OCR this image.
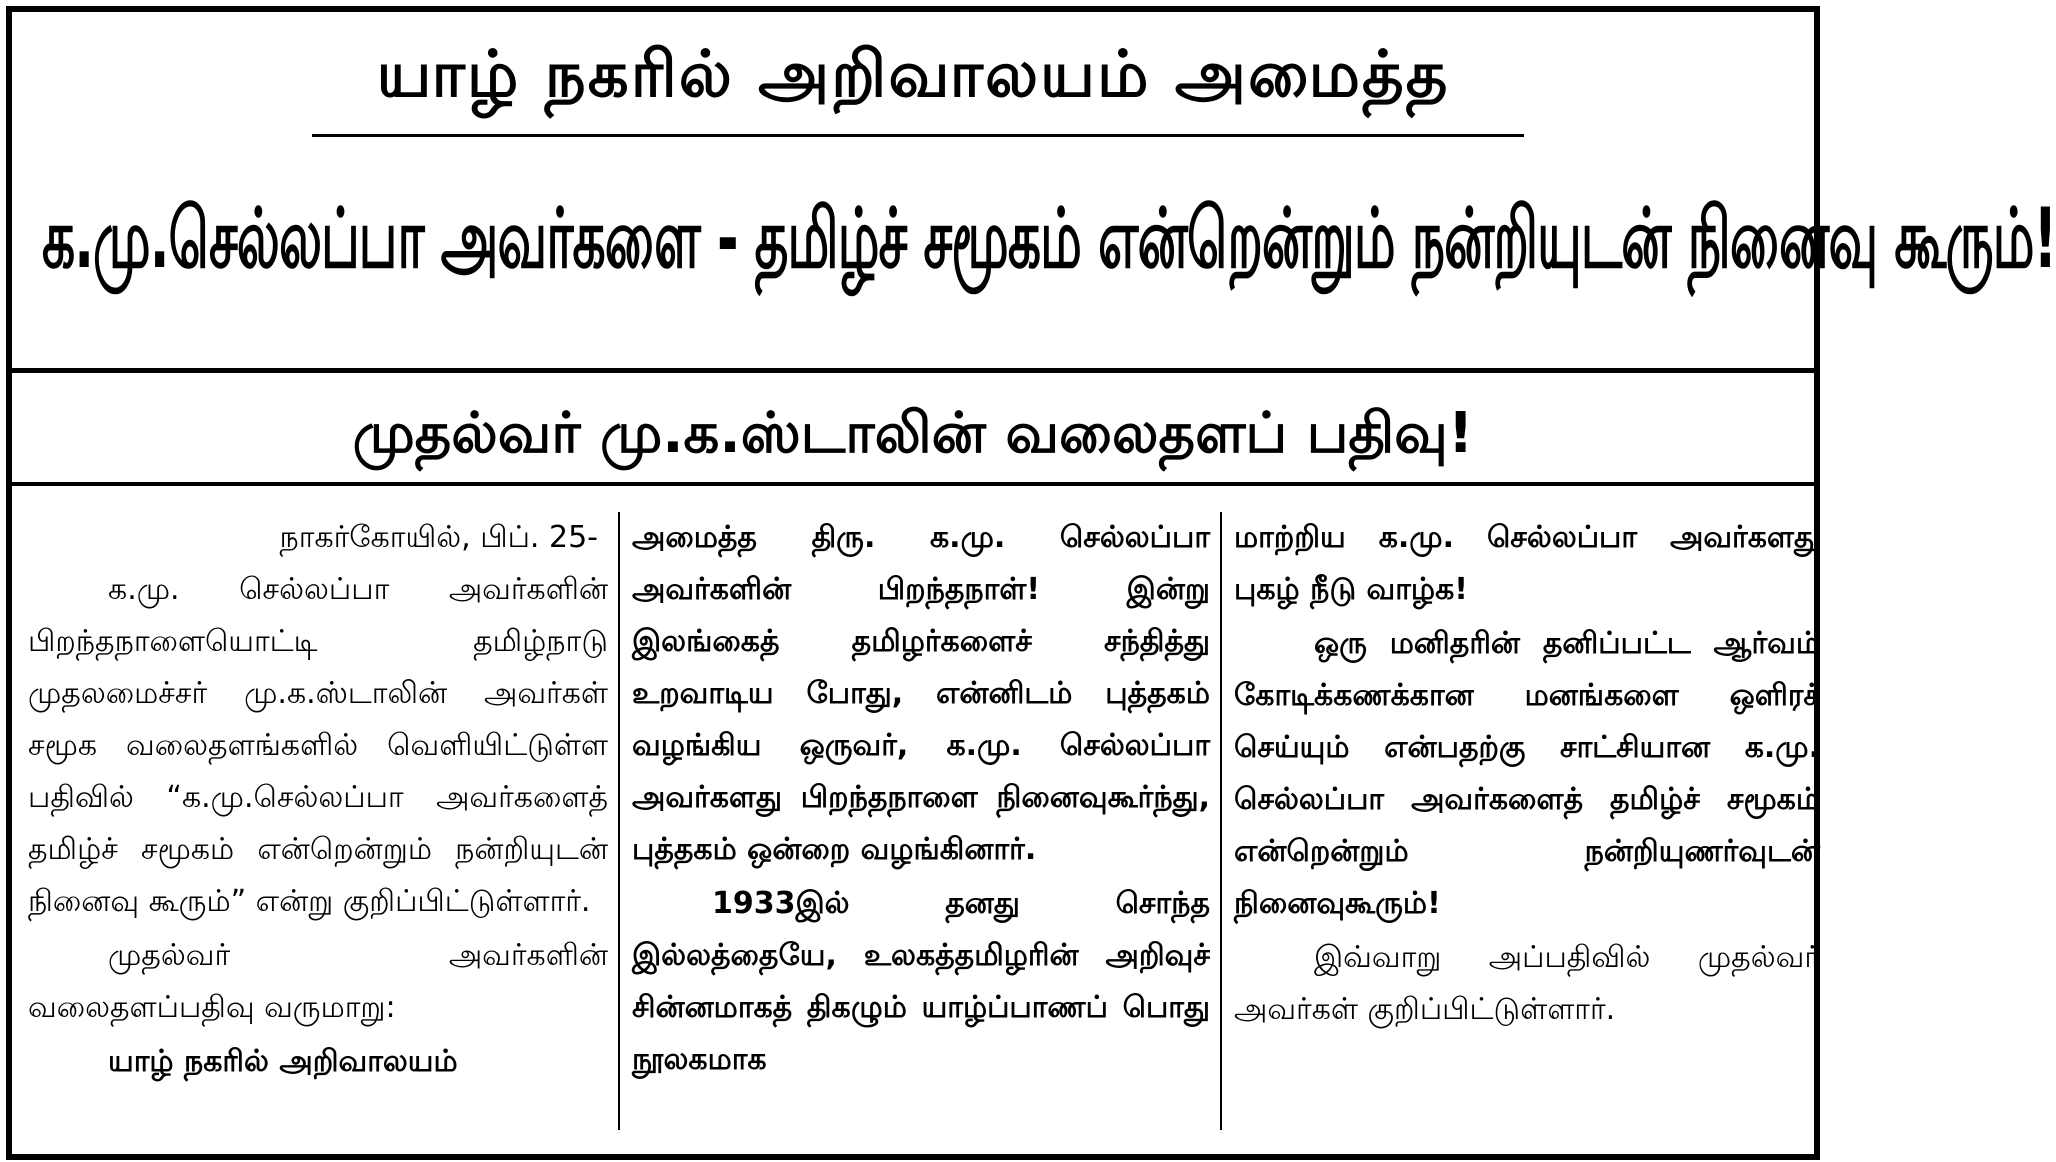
யாழ் நகரில் அறிவாலயம் அமைத்த
க.மு.செல்லப்பா அவர்களை - தமிழ்ச் சமூகம் என்றென்றும் நன்றியுடன் நினைவு கூரும்!
முதல்வர் மு.க.ஸ்டாலின் வலைதளப் பதிவு!

நாகர்கோயில், பிப். 25-

க.மு. செல்லப்பா அவர்களின் பிறந்தநாளையொட்டி தமிழ்நாடு முதலமைச்சர் மு.க.ஸ்டாலின் அவர்கள் சமூக வலைதளங்களில் வெளியிட்டுள்ள பதிவில் “க.மு.செல்லப்பா அவர்களைத் தமிழ்ச் சமூகம் என்றென்றும் நன்றியுடன் நினைவு கூரும்” என்று குறிப்பிட்டுள்ளார்.

முதல்வர் அவர்களின் வலைதளப்பதிவு வருமாறு:

யாழ் நகரில் அறிவாலயம்

அமைத்த திரு. க.மு. செல்லப்பா அவர்களின் பிறந்தநாள்! இன்று இலங்கைத் தமிழர்களைச் சந்தித்து உறவாடிய போது, என்னிடம் புத்தகம் வழங்கிய ஒருவர், க.மு. செல்லப்பா அவர்களது பிறந்தநாளை நினைவுகூர்ந்து, புத்தகம் ஒன்றை வழங்கினார்.

1933இல் தனது சொந்த இல்லத்தையே, உலகத்தமிழரின் அறிவுச் சின்னமாகத் திகழும் யாழ்ப்பாணப் பொது நூலகமாக

மாற்றிய க.மு. செல்லப்பா அவர்களது புகழ் நீடு வாழ்க!

ஒரு மனிதரின் தனிப்பட்ட ஆர்வம் கோடிக்கணக்கான மனங்களை ஒளிரச் செய்யும் என்பதற்கு சாட்சியான க.மு. செல்லப்பா அவர்களைத் தமிழ்ச் சமூகம் என்றென்றும் நன்றியுணர்வுடன் நினைவுகூரும்!

இவ்வாறு அப்பதிவில் முதல்வர் அவர்கள் குறிப்பிட்டுள்ளார்.
